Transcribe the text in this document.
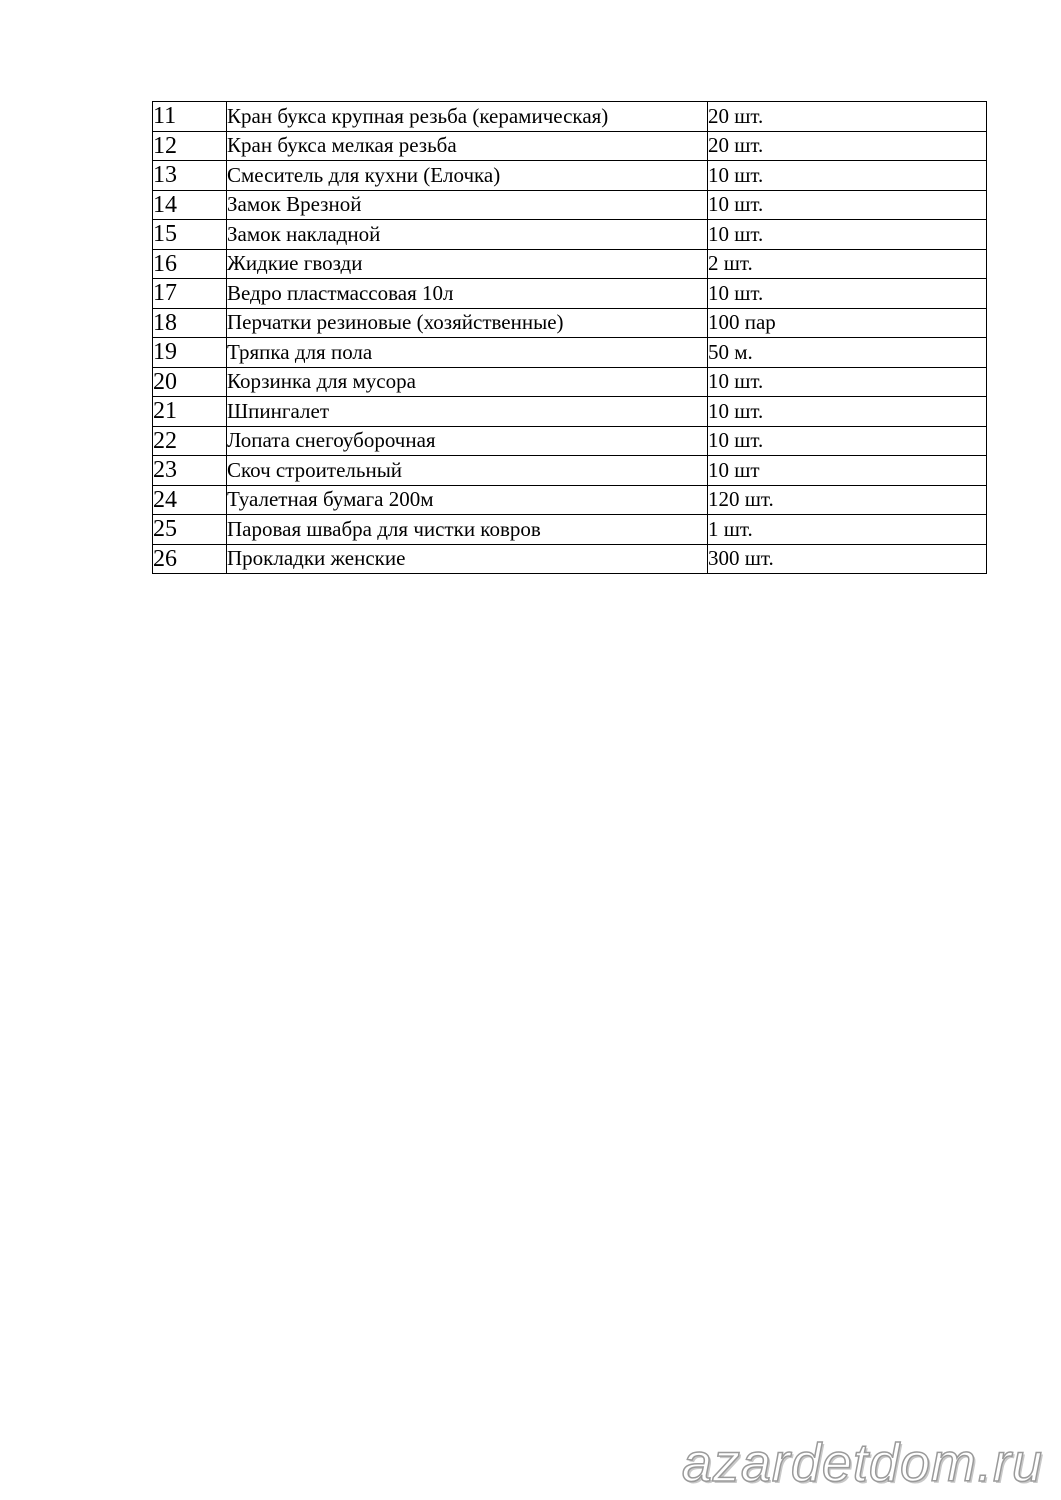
11	Кран букса крупная резьба (керамическая)	20 шт.
12	Кран букса мелкая резьба	20 шт.
13	Смеситель для кухни (Елочка)	10 шт.
14	Замок Врезной	10 шт.
15	Замок накладной	10 шт.
16	Жидкие гвозди	2 шт.
17	Ведро пластмассовая 10л	10 шт.
18	Перчатки резиновые (хозяйственные)	100 пар
19	Тряпка для пола	50 м.
20	Корзинка для мусора	10 шт.
21	Шпингалет	10 шт.
22	Лопата снегоуборочная	10 шт.
23	Скоч строительный	10 шт
24	Туалетная бумага 200м	120 шт.
25	Паровая швабра для чистки ковров	1 шт.
26	Прокладки женские	300 шт.
azardetdom.ru
